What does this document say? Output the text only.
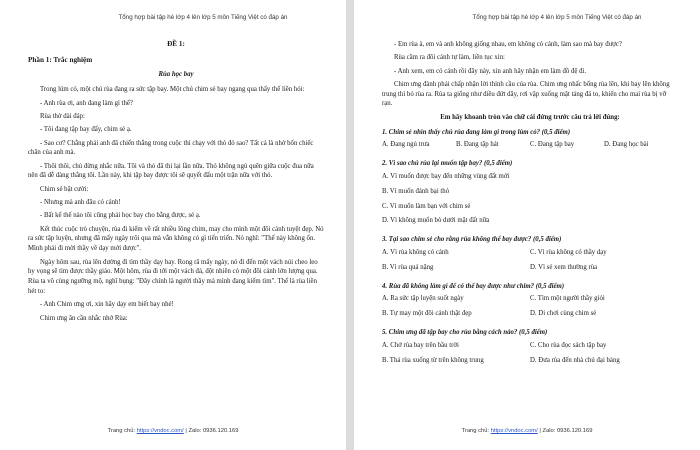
Tổng hợp bài tập hè lớp 4 lên lớp 5 môn Tiếng Việt có đáp án

ĐỀ 1:

Phần 1: Trắc nghiệm

Rùa học bay

Trong lúm cỏ, một chú rùa đang ra sức tập bay. Một chú chim sẻ bay ngang qua thấy thế liền hỏi:

- Anh rùa ơi, anh đang làm gì thế?

Rùa thở dài đáp:

- Tôi đang tập bay đấy, chim sẻ ạ.

- Sao cơ? Chẳng phải anh đã chiến thắng trong cuộc thi chạy với thỏ đó sao? Tất cả là nhờ bốn chiếc chân của anh mà.

- Thôi thôi, chủ đừng nhắc nữa. Tôi và thỏ đã thi lại lần nữa. Thỏ không ngủ quên giữa cuộc đua nữa nên đã dễ dàng thắng tôi. Lần này, khi tập bay được tôi sẽ quyết đấu một trận nữa với thỏ.

Chim sẻ bật cười:

- Nhưng mà anh đâu có cánh!

- Bất kể thế nào tôi cũng phải học bay cho bằng được, sẻ ạ.

Kết thúc cuộc trò chuyện, rùa đi kiếm về rất nhiều lông chim, may cho mình một đôi cánh tuyệt đẹp. Nó ra sức tập luyện, nhưng đã mấy ngày trôi qua mà vẫn không có gì tiến triển. Nó nghĩ: "Thế này không ổn. Mình phải đi mời thầy về dạy mới được".

Ngày hôm sau, rùa lên đường đi tìm thầy dạy bay. Rong rã mấy ngày, nó đi đến một vách núi cheo leo hy vọng sẽ tìm được thầy giáo. Một hôm, rùa đi tới một vách đá, đột nhiên có một đôi cánh lớn lượng qua. Rùa ta vô cùng ngưỡng mộ, nghĩ bụng: "Đây chính là người thầy mà mình đang kiếm tìm". Thế là rùa liền hét to:

- Anh Chim ưng ơi, xin hãy dạy em biết bay nhé!

Chim ưng ân cần nhắc nhở Rùa:

Trang chủ: https://vndoc.com/ | Zalo: 0936.120.169
Tổng hợp bài tập hè lớp 4 lên lớp 5 môn Tiếng Việt có đáp án

- Em rùa à, em và anh không giống nhau, em không có cánh, làm sao mà bay được?

Rùa cầm ra đôi cánh tự làm, liền tục xin:

- Anh xem, em có cánh rồi đây này, xin anh hãy nhận em làm đồ đệ đi.

Chim ưng đành phải chấp nhận lời thỉnh cầu của rùa. Chim ưng nhấc bổng rùa lên, khi bay lên không trung thì bỏ rùa ra. Rùa ta giống như diều đứt dây, rơi vập xuống mặt tảng đá to, khiến cho mai rùa bị vỡ rạn.

Em hãy khoanh tròn vào chữ cái đứng trước câu trả lời đúng:

1. Chim sẻ nhìn thấy chú rùa đang làm gì trong lùm cỏ? (0,5 điểm)

A. Đang ngủ trưa	B. Đang tập hát	C. Đang tập bay	D. Đang học bài

2. Vì sao chú rùa lại muốn tập bay? (0,5 điểm)

A. Vì muốn được bay đến những vùng đất mới
B. Vì muốn đánh bại thỏ
C. Vì muốn làm bạn với chim sẻ
D. Vì không muốn bò dưới mặt đất nữa

3. Tại sao chim sẻ cho rằng rùa không thể bay được? (0,5 điểm)

A. Vì rùa không có cánh	C. Vì rùa không có thầy dạy
B. Vì rùa quá nặng	D. Vì sẻ xem thường rùa

4. Rùa đã không làm gì để có thể bay được như chim? (0,5 điểm)

A. Ra sức tập luyện suốt ngày	C. Tìm một người thầy giỏi
B. Tự may một đôi cánh thật đẹp	D. Di chơi cùng chim sẻ

5. Chim ưng đã tập bay cho rùa bằng cách nào? (0,5 điểm)

A. Chở rùa bay trên bầu trời	C. Cho rùa đọc sách tập bay
B. Thả rùa xuống từ trên không trung	D. Đưa rùa đến nhà chú đại bàng
Trang chủ: https://vndoc.com/ | Zalo: 0936.120.169
